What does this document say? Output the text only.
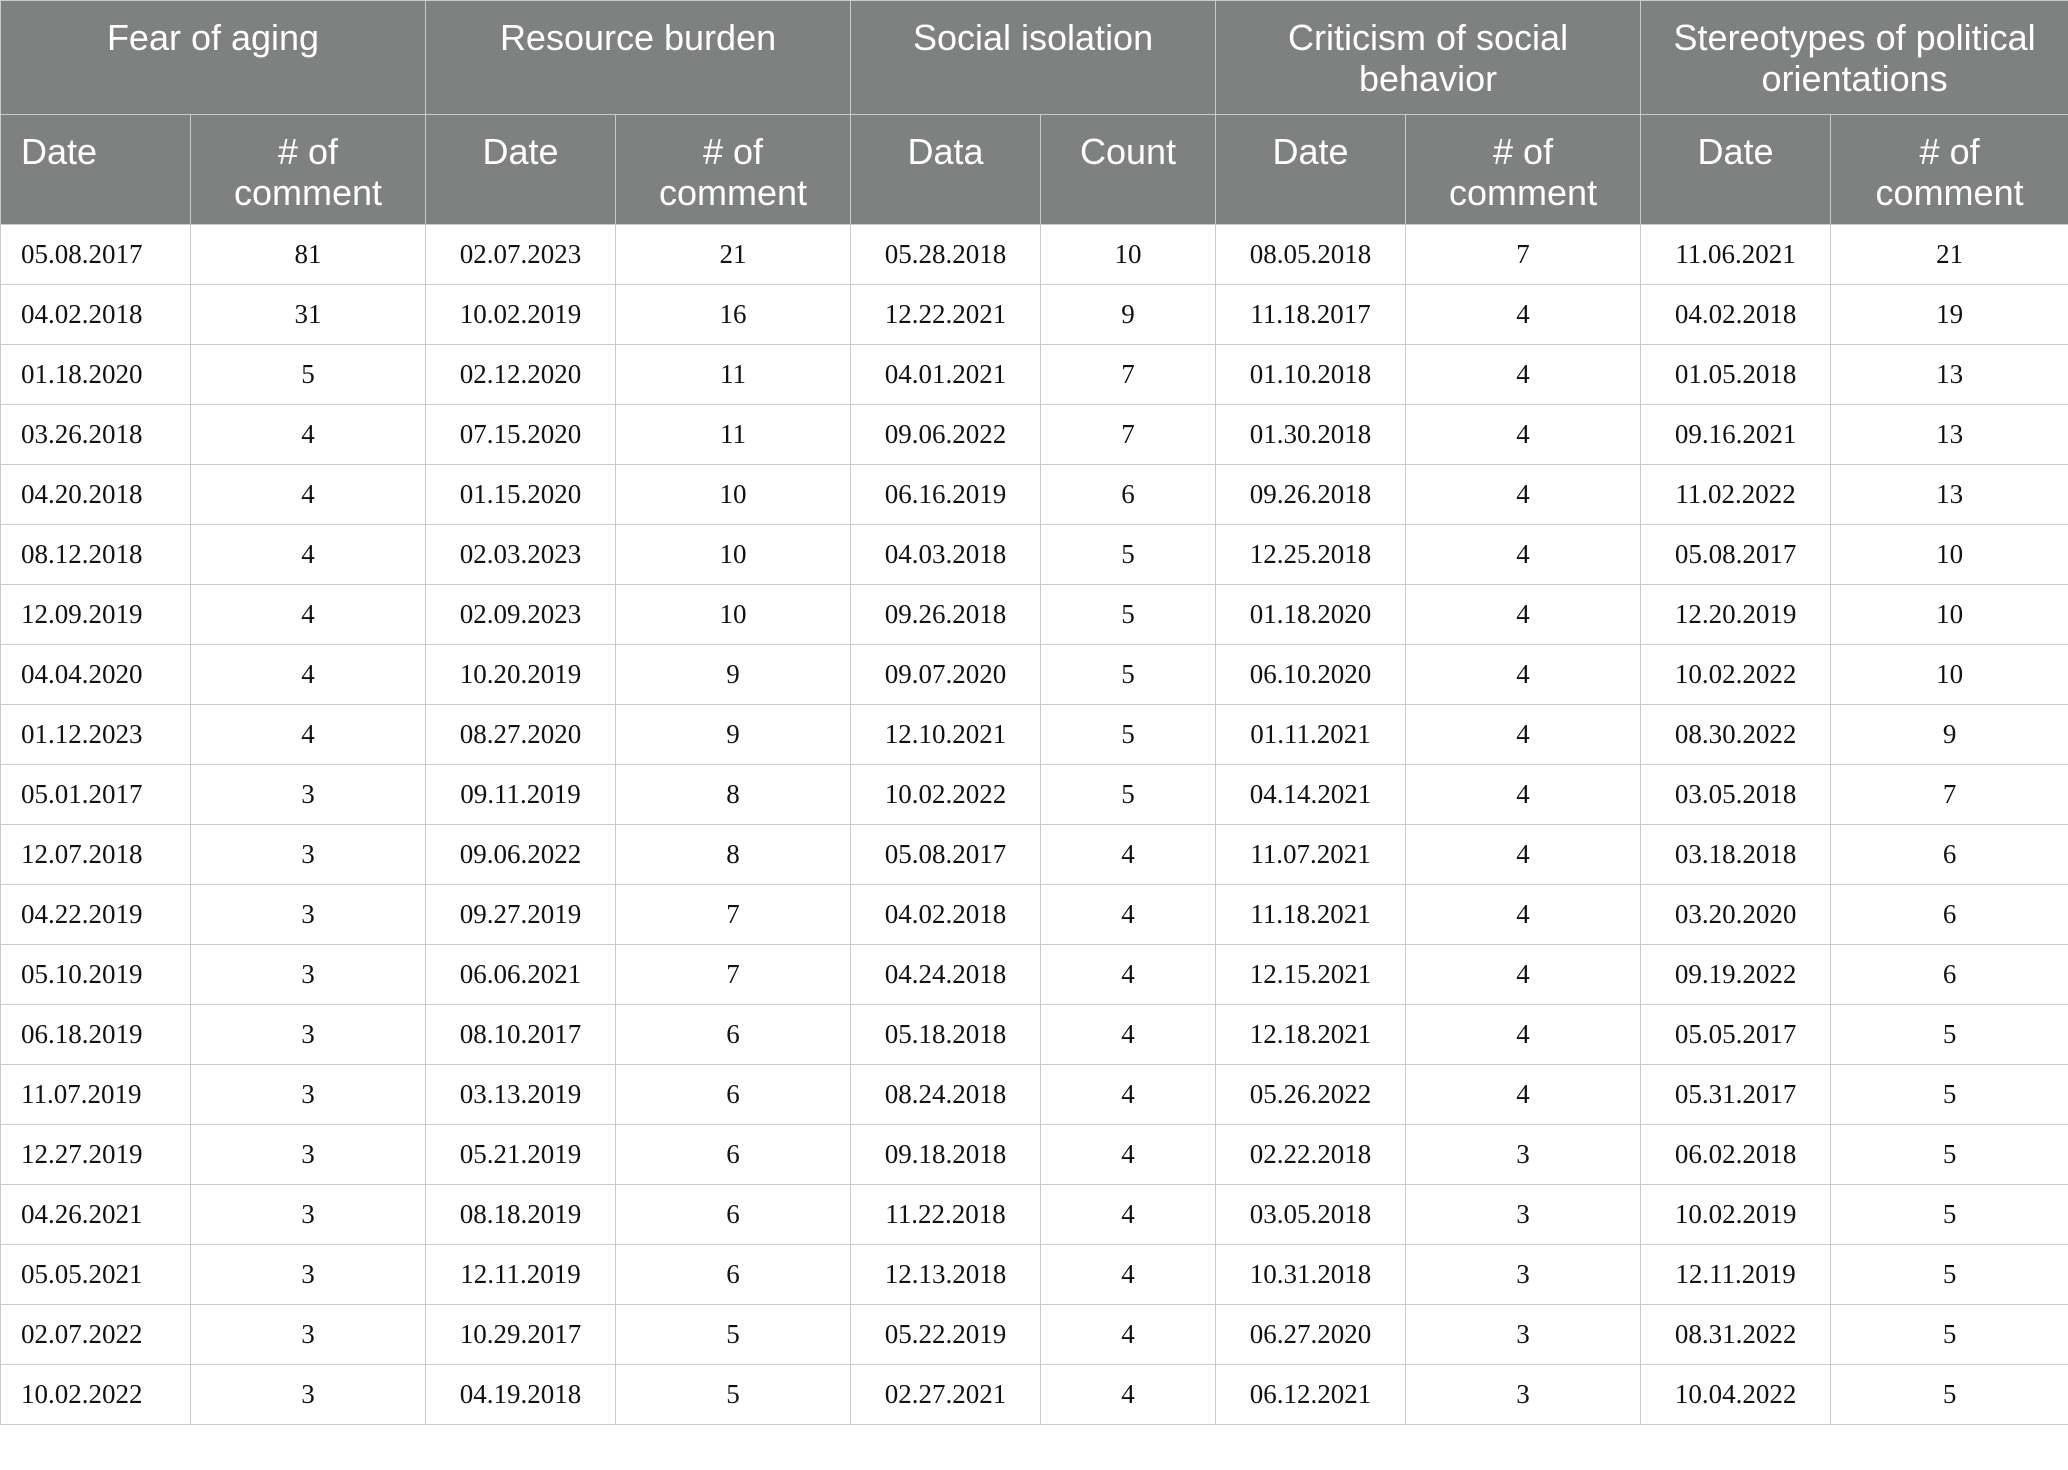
Fear of aging		Resource burden		Social isolation		Criticism of social behavior		Stereotypes of political orientations	
Date	# of comment	Date	# of comment	Data	Count	Date	# of comment	Date	# of comment
05.08.2017	81	02.07.2023	21	05.28.2018	10	08.05.2018	7	11.06.2021	21
04.02.2018	31	10.02.2019	16	12.22.2021	9	11.18.2017	4	04.02.2018	19
01.18.2020	5	02.12.2020	11	04.01.2021	7	01.10.2018	4	01.05.2018	13
03.26.2018	4	07.15.2020	11	09.06.2022	7	01.30.2018	4	09.16.2021	13
04.20.2018	4	01.15.2020	10	06.16.2019	6	09.26.2018	4	11.02.2022	13
08.12.2018	4	02.03.2023	10	04.03.2018	5	12.25.2018	4	05.08.2017	10
12.09.2019	4	02.09.2023	10	09.26.2018	5	01.18.2020	4	12.20.2019	10
04.04.2020	4	10.20.2019	9	09.07.2020	5	06.10.2020	4	10.02.2022	10
01.12.2023	4	08.27.2020	9	12.10.2021	5	01.11.2021	4	08.30.2022	9
05.01.2017	3	09.11.2019	8	10.02.2022	5	04.14.2021	4	03.05.2018	7
12.07.2018	3	09.06.2022	8	05.08.2017	4	11.07.2021	4	03.18.2018	6
04.22.2019	3	09.27.2019	7	04.02.2018	4	11.18.2021	4	03.20.2020	6
05.10.2019	3	06.06.2021	7	04.24.2018	4	12.15.2021	4	09.19.2022	6
06.18.2019	3	08.10.2017	6	05.18.2018	4	12.18.2021	4	05.05.2017	5
11.07.2019	3	03.13.2019	6	08.24.2018	4	05.26.2022	4	05.31.2017	5
12.27.2019	3	05.21.2019	6	09.18.2018	4	02.22.2018	3	06.02.2018	5
04.26.2021	3	08.18.2019	6	11.22.2018	4	03.05.2018	3	10.02.2019	5
05.05.2021	3	12.11.2019	6	12.13.2018	4	10.31.2018	3	12.11.2019	5
02.07.2022	3	10.29.2017	5	05.22.2019	4	06.27.2020	3	08.31.2022	5
10.02.2022	3	04.19.2018	5	02.27.2021	4	06.12.2021	3	10.04.2022	5
